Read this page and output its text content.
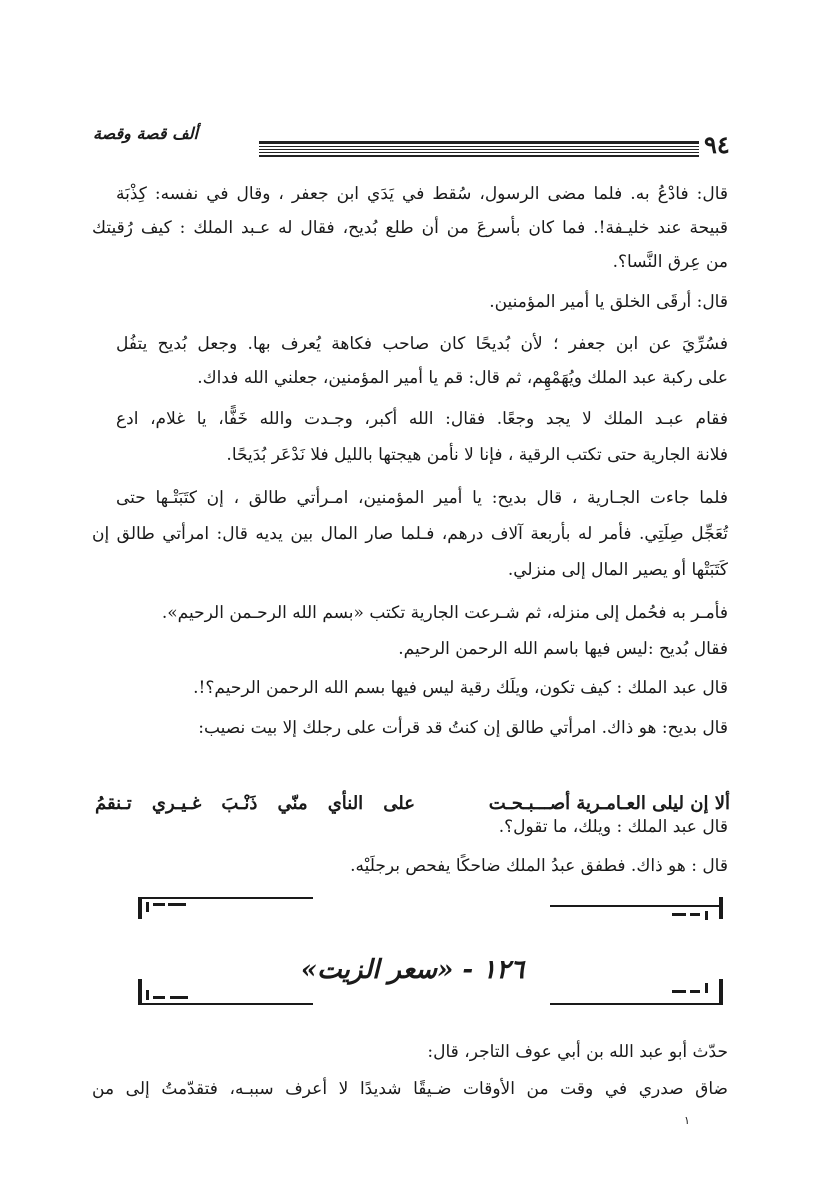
ألف قصة وقصة	٩٤
قال: فادْعُ به. فلما مضى الرسول، سُقط في يَدَي ابن جعفر ، وقال في نفسه: كِذْبَة
قبيحة عند خليـفة!. فما كان بأسرعَ من أن طلع بُديح، فقال له عـبد الملك : كيف رُقيتك
من عِرق النَّسا؟.
قال: أرقَى الخلق يا أمير المؤمنين.
فسُرِّيَ عن ابن جعفر ؛ لأن بُديحًا كان صاحب فكاهة يُعرف بها. وجعل بُديح يتفُل
على ركبة عبد الملك ويُهَمْهِم، ثم قال: قم يا أمير المؤمنين، جعلني الله فداك.
فقام عبـد الملك لا يجد وجعًا. فقال: الله أكبر، وجـدت والله خَفًّا، يا غلام، ادع
فلانة الجارية حتى تكتب الرقية ، فإنا لا نأمن هيجتها بالليل فلا نَدْعَر بُدَيحًا.
فلما جاءت الجـارية ، قال بديح: يا أمير المؤمنين، امـرأتي طالق ، إن كتَبَتْـها حتى
تُعَجِّل صِلَتِي. فأمر له بأربعة آلاف درهم، فـلما صار المال بين يديه قال: امرأتي طالق إن
كَتَبَتْها أو يصير المال إلى منزلي.
فأمـر به فحُمل إلى منزله، ثم شـرعت الجارية تكتب «بسم الله الرحـمن الرحيم».
فقال بُديح :ليس فيها باسم الله الرحمن الرحيم.
قال عبد الملك : كيف تكون، ويلَك رقية ليس فيها بسم الله الرحمن الرحيم؟!.
قال بديح: هو ذاك. امرأتي طالق إن كنتُ قد قرأت على رجلك إلا بيت نصيب:
ألا إن ليلى العـامـرية أصـــبـحـت
على النأي منّي ذَنْـبَ غـيـري تـنقمُ
قال عبد الملك : ويلك، ما تقول؟.
قال : هو ذاك. فطفق عبدُ الملك ضاحكًا يفحص برجلَيْه.
١٢٦ - «سعر الزيت»
حدّث أبو عبد الله بن أبي عوف التاجر، قال:
ضاق صدري في وقت من الأوقات ضـيقًا شديدًا لا أعرف سببـه، فتقدّمتُ إلى من
١
